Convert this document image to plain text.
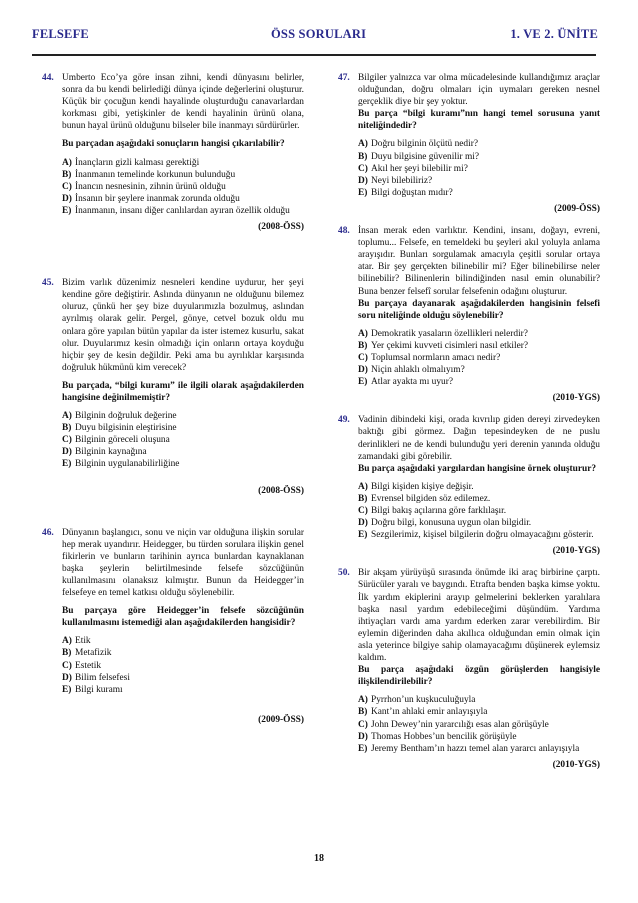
FELSEFE	ÖSS SORULARI	1. VE 2. ÜNİTE
44. Umberto Eco’ya göre insan zihni, kendi dünyasını belirler, sonra da bu kendi belirlediği dünya içinde değerlerini oluşturur. Küçük bir çocuğun kendi hayalinde oluşturduğu canavarlardan korkması gibi, yetişkinler de kendi hayalinin ürünü olana, bunun hayal ürünü olduğunu bilseler bile inanmayı sürdürürler.
Bu parçadan aşağıdaki sonuçların hangisi çıkarılabilir?
A) İnançların gizli kalması gerektiği
B) İnanmanın temelinde korkunun bulunduğu
C) İnancın nesnesinin, zihnin ürünü olduğu
D) İnsanın bir şeylere inanmak zorunda olduğu
E) İnanmanın, insanı diğer canlılardan ayıran özellik olduğu
(2008-ÖSS)
45. Bizim varlık düzenimiz nesneleri kendine uydurur, her şeyi kendine göre değiştirir. Aslında dünyanın ne olduğunu bilemez oluruz, çünkü her şey bize duyularımızla bozulmuş, aslından ayrılmış olarak gelir. Pergel, gönye, cetvel bozuk oldu mu onlara göre yapılan bütün yapılar da ister istemez kusurlu, sakat olur. Duyularımız kesin olmadığı için onların ortaya koyduğu hiçbir şey de kesin değildir. Peki ama bu ayrılıklar karşısında doğruluk hükmünü kim verecek?
Bu parçada, “bilgi kuramı” ile ilgili olarak aşağıdakilerden hangisine değinilmemiştir?
A) Bilginin doğruluk değerine
B) Duyu bilgisinin eleştirisine
C) Bilginin göreceli oluşuna
D) Bilginin kaynağına
E) Bilginin uygulanabilirliğine
(2008-ÖSS)
46. Dünyanın başlangıcı, sonu ve niçin var olduğuna ilişkin sorular hep merak uyandırır. Heidegger, bu türden sorulara ilişkin genel fikirlerin ve bunların tarihinin ayrıca bunlardan kaynaklanan başka şeylerin belirtilmesinde felsefe sözcüğünün kullanılmasını olanaksız kılmıştır. Bunun da Heidegger’in felsefeye en temel katkısı olduğu söylenebilir.
Bu parçaya göre Heidegger’in felsefe sözcüğünün kullanılmasını istemediği alan aşağıdakilerden hangisidir?
A) Etik
B) Metafizik
C) Estetik
D) Bilim felsefesi
E) Bilgi kuramı
(2009-ÖSS)
47. Bilgiler yalnızca var olma mücadelesinde kullandığımız araçlar olduğundan, doğru olmaları için uymaları gereken nesnel gerçeklik diye bir şey yoktur.
Bu parça “bilgi kuramı”nın hangi temel sorusuna yanıt niteliğindedir?
A) Doğru bilginin ölçütü nedir?
B) Duyu bilgisine güvenilir mi?
C) Akıl her şeyi bilebilir mi?
D) Neyi bilebiliriz?
E) Bilgi doğuştan mıdır?
(2009-ÖSS)
48. İnsan merak eden varlıktır. Kendini, insanı, doğayı, evreni, toplumu... Felsefe, en temeldeki bu şeyleri akıl yoluyla anlama arayışıdır. Bunları sorgulamak amacıyla çeşitli sorular ortaya atar. Bir şey gerçekten bilinebilir mi? Eğer bilinebilirse neler bilinebilir? Bilinenlerin bilindiğinden nasıl emin olunabilir? Buna benzer felsefî sorular felsefenin odağını oluşturur.
Bu parçaya dayanarak aşağıdakilerden hangisinin felsefi soru niteliğinde olduğu söylenebilir?
A) Demokratik yasaların özellikleri nelerdir?
B) Yer çekimi kuvveti cisimleri nasıl etkiler?
C) Toplumsal normların amacı nedir?
D) Niçin ahlaklı olmalıyım?
E) Atlar ayakta mı uyur?
(2010-YGS)
49. Vadinin dibindeki kişi, orada kıvrılıp giden dereyi zirvedeyken baktığı gibi görmez. Dağın tepesindeyken de ne puslu derinlikleri ne de kendi bulunduğu yeri derenin yanında olduğu zamandaki gibi görebilir.
Bu parça aşağıdaki yargılardan hangisine örnek oluşturur?
A) Bilgi kişiden kişiye değişir.
B) Evrensel bilgiden söz edilemez.
C) Bilgi bakış açılarına göre farklılaşır.
D) Doğru bilgi, konusuna uygun olan bilgidir.
E) Sezgilerimiz, kişisel bilgilerin doğru olmayacağını gösterir.
(2010-YGS)
50. Bir akşam yürüyüşü sırasında önümde iki araç birbirine çarptı. Sürücüler yaralı ve baygındı. Etrafta benden başka kimse yoktu. İlk yardım ekiplerini arayıp gelmelerini beklerken yaralılara başka nasıl yardım edebileceğimi düşündüm. Yardıma ihtiyaçları vardı ama yardım ederken zarar verebilirdim. Bir eylemin diğerinden daha akıllıca olduğundan emin olmak için asla yeterince bilgiye sahip olamayacağımı düşünerek eylemsiz kaldım.
Bu parça aşağıdaki özgün görüşlerden hangisiyle ilişkilendirilebilir?
A) Pyrrhon’un kuşkuculuğuyla
B) Kant’ın ahlaki emir anlayışıyla
C) John Dewey’nin yararcılığı esas alan görüşüyle
D) Thomas Hobbes’un bencilik görüşüyle
E) Jeremy Bentham’ın hazzı temel alan yararcı anlayışıyla
(2010-YGS)
18
